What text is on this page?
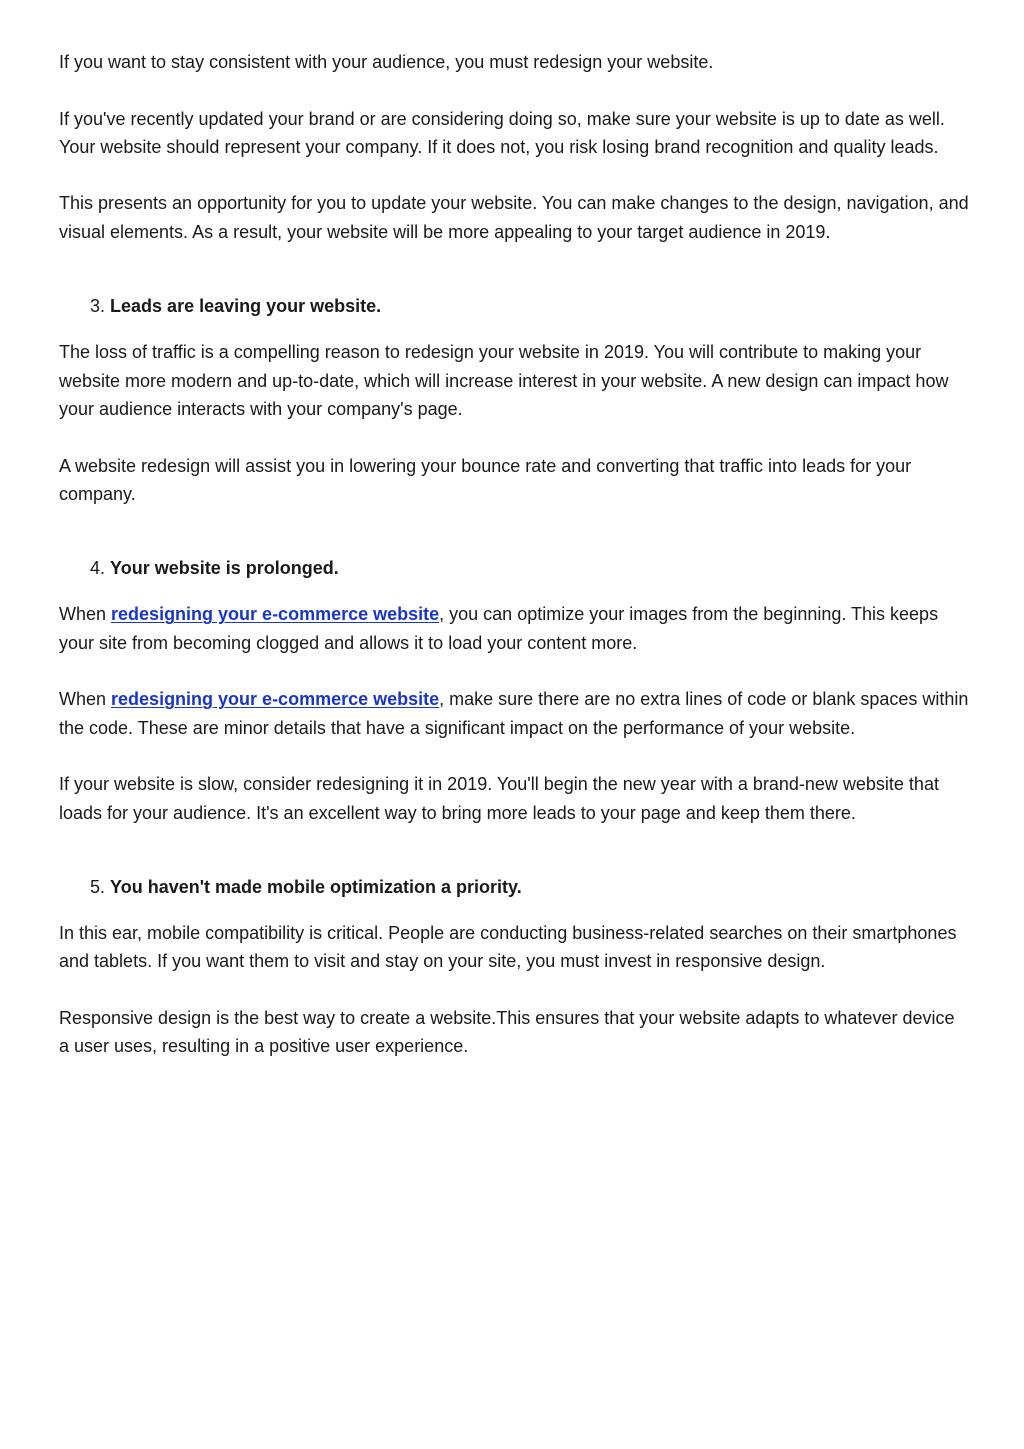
If you want to stay consistent with your audience, you must redesign your website.

If you've recently updated your brand or are considering doing so, make sure your website is up to date as well. Your website should represent your company. If it does not, you risk losing brand recognition and quality leads.

This presents an opportunity for you to update your website. You can make changes to the design, navigation, and visual elements. As a result, your website will be more appealing to your target audience in 2019.

3. Leads are leaving your website.

The loss of traffic is a compelling reason to redesign your website in 2019. You will contribute to making your website more modern and up-to-date, which will increase interest in your website. A new design can impact how your audience interacts with your company's page.

A website redesign will assist you in lowering your bounce rate and converting that traffic into leads for your company.

4. Your website is prolonged.

When redesigning your e-commerce website, you can optimize your images from the beginning. This keeps your site from becoming clogged and allows it to load your content more.

When redesigning your e-commerce website, make sure there are no extra lines of code or blank spaces within the code. These are minor details that have a significant impact on the performance of your website.

If your website is slow, consider redesigning it in 2019. You'll begin the new year with a brand-new website that loads for your audience. It's an excellent way to bring more leads to your page and keep them there.

5. You haven't made mobile optimization a priority.

In this ear, mobile compatibility is critical. People are conducting business-related searches on their smartphones and tablets. If you want them to visit and stay on your site, you must invest in responsive design.

Responsive design is the best way to create a website.This ensures that your website adapts to whatever device a user uses, resulting in a positive user experience.
